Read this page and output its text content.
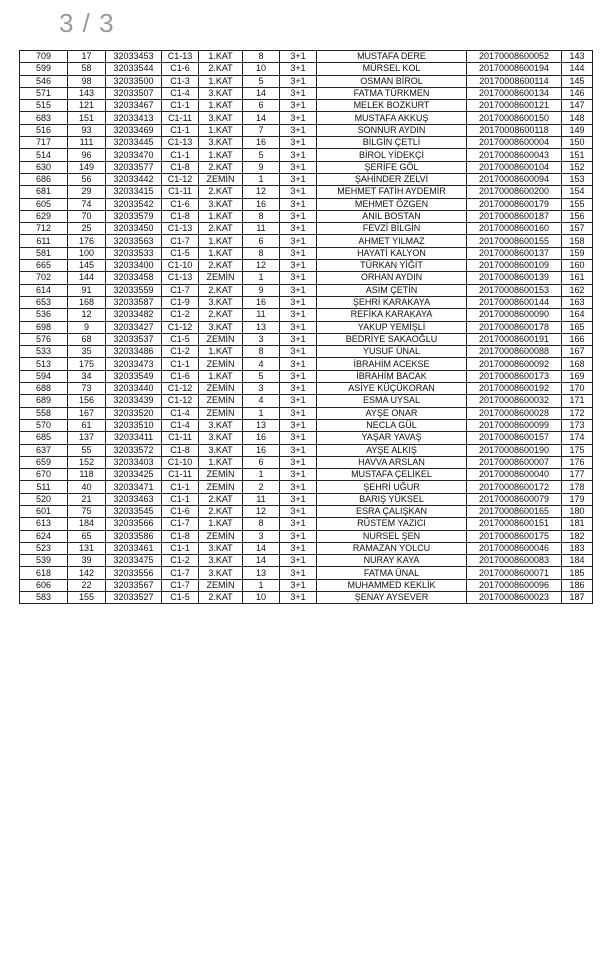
3 / 3
709	17	32033453	C1-13	1.KAT	8	3+1	MUSTAFA DERE	20170008600052	143
599	58	32033544	C1-6	2.KAT	10	3+1	MÜRSEL KOL	20170008600194	144
546	98	32033500	C1-3	1.KAT	5	3+1	OSMAN BİROL	20170008600114	145
571	143	32033507	C1-4	3.KAT	14	3+1	FATMA TÜRKMEN	20170008600134	146
515	121	32033467	C1-1	1.KAT	6	3+1	MELEK BOZKURT	20170008600121	147
683	151	32033413	C1-11	3.KAT	14	3+1	MUSTAFA AKKUŞ	20170008600150	148
516	93	32033469	C1-1	1.KAT	7	3+1	SONNUR AYDIN	20170008600118	149
717	111	32033445	C1-13	3.KAT	16	3+1	BİLGİN ÇETLİ	20170008600004	150
514	96	32033470	C1-1	1.KAT	5	3+1	BİROL YİDEKÇİ	20170008600043	151
630	149	32033577	C1-8	2.KAT	9	3+1	ŞERİFE GÖL	20170008600104	152
686	56	32033442	C1-12	ZEMİN	1	3+1	ŞAHİNDER ZELVİ	20170008600094	153
681	29	32033415	C1-11	2.KAT	12	3+1	MEHMET FATİH AYDEMİR	20170008600200	154
605	74	32033542	C1-6	3.KAT	16	3+1	MEHMET ÖZGEN	20170008600179	155
629	70	32033579	C1-8	1.KAT	8	3+1	ANIL BOSTAN	20170008600187	156
712	25	32033450	C1-13	2.KAT	11	3+1	FEVZİ BİLGİN	20170008600160	157
611	176	32033563	C1-7	1.KAT	6	3+1	AHMET YILMAZ	20170008600155	158
581	100	32033533	C1-5	1.KAT	8	3+1	HAYATİ KALYON	20170008600137	159
665	145	32033400	C1-10	2.KAT	12	3+1	TÜRKAN YİĞİT	20170008600109	160
702	144	32033458	C1-13	ZEMİN	1	3+1	ORHAN AYDIN	20170008600139	161
614	91	32033559	C1-7	2.KAT	9	3+1	ASIM ÇETİN	20170008600153	162
653	168	32033587	C1-9	3.KAT	16	3+1	ŞEHRİ KARAKAYA	20170008600144	163
536	12	32033482	C1-2	2.KAT	11	3+1	REFİKA KARAKAYA	20170008600090	164
698	9	32033427	C1-12	3.KAT	13	3+1	YAKUP YEMİŞLİ	20170008600178	165
576	68	32033537	C1-5	ZEMİN	3	3+1	BEDRİYE SAKAOĞLU	20170008600191	166
533	35	32033486	C1-2	1.KAT	8	3+1	YUSUF ÜNAL	20170008600088	167
513	175	32033473	C1-1	ZEMİN	4	3+1	İBRAHİM ACEKSE	20170008600092	168
594	34	32033549	C1-6	1.KAT	5	3+1	İBRAHİM BACAK	20170008600173	169
688	73	32033440	C1-12	ZEMİN	3	3+1	ASİYE KÜÇÜKORAN	20170008600192	170
689	156	32033439	C1-12	ZEMİN	4	3+1	ESMA UYSAL	20170008600032	171
558	167	32033520	C1-4	ZEMİN	1	3+1	AYŞE ONAR	20170008600028	172
570	61	32033510	C1-4	3.KAT	13	3+1	NECLA GÜL	20170008600099	173
685	137	32033411	C1-11	3.KAT	16	3+1	YAŞAR YAVAŞ	20170008600157	174
637	55	32033572	C1-8	3.KAT	16	3+1	AYŞE ALKIŞ	20170008600190	175
659	152	32033403	C1-10	1.KAT	6	3+1	HAVVA ARSLAN	20170008600007	176
670	118	32033425	C1-11	ZEMİN	1	3+1	MUSTAFA ÇELİKEL	20170008600040	177
511	40	32033471	C1-1	ZEMİN	2	3+1	ŞEHRİ UĞUR	20170008600172	178
520	21	32033463	C1-1	2.KAT	11	3+1	BARIŞ YÜKSEL	20170008600079	179
601	75	32033545	C1-6	2.KAT	12	3+1	ESRA ÇALIŞKAN	20170008600165	180
613	184	32033566	C1-7	1.KAT	8	3+1	RÜSTEM YAZICI	20170008600151	181
624	65	32033586	C1-8	ZEMİN	3	3+1	NURSEL ŞEN	20170008600175	182
523	131	32033461	C1-1	3.KAT	14	3+1	RAMAZAN YOLCU	20170008600046	183
539	39	32033475	C1-2	3.KAT	14	3+1	NURAY KAYA	20170008600083	184
618	142	32033556	C1-7	3.KAT	13	3+1	FATMA ÜNAL	20170008600071	185
606	22	32033567	C1-7	ZEMİN	1	3+1	MUHAMMED KEKLİK	20170008600096	186
583	155	32033527	C1-5	2.KAT	10	3+1	ŞENAY AYSEVER	20170008600023	187
